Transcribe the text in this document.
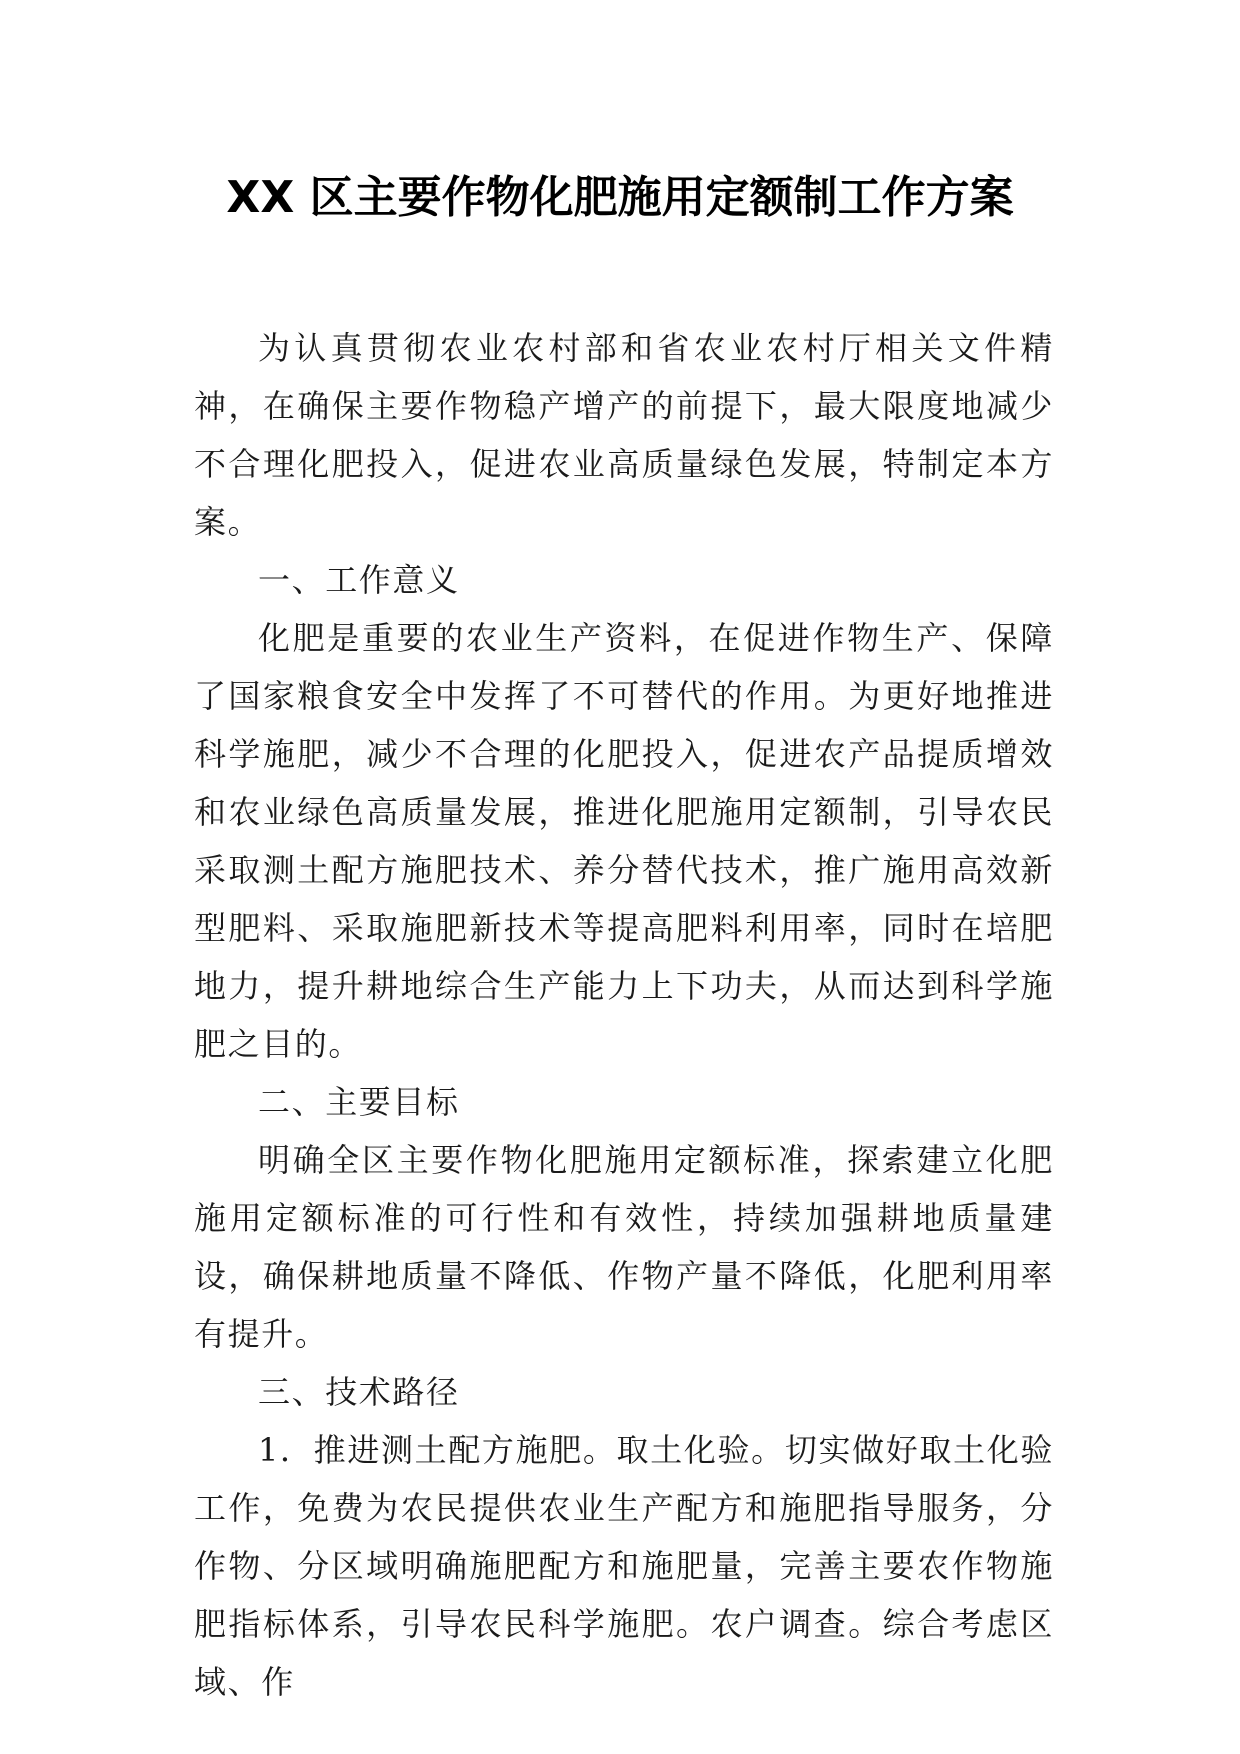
XX 区主要作物化肥施用定额制工作方案

为认真贯彻农业农村部和省农业农村厅相关文件精神，在确保主要作物稳产增产的前提下，最大限度地减少不合理化肥投入，促进农业高质量绿色发展，特制定本方案。

一、工作意义

化肥是重要的农业生产资料，在促进作物生产、保障了国家粮食安全中发挥了不可替代的作用。为更好地推进科学施肥，减少不合理的化肥投入，促进农产品提质增效和农业绿色高质量发展，推进化肥施用定额制，引导农民采取测土配方施肥技术、养分替代技术，推广施用高效新型肥料、采取施肥新技术等提高肥料利用率，同时在培肥地力，提升耕地综合生产能力上下功夫，从而达到科学施肥之目的。

二、主要目标

明确全区主要作物化肥施用定额标准，探索建立化肥施用定额标准的可行性和有效性，持续加强耕地质量建设，确保耕地质量不降低、作物产量不降低，化肥利用率有提升。

三、技术路径

1．推进测土配方施肥。取土化验。切实做好取土化验工作，免费为农民提供农业生产配方和施肥指导服务，分作物、分区域明确施肥配方和施肥量，完善主要农作物施肥指标体系，引导农民科学施肥。农户调查。综合考虑区域、作
